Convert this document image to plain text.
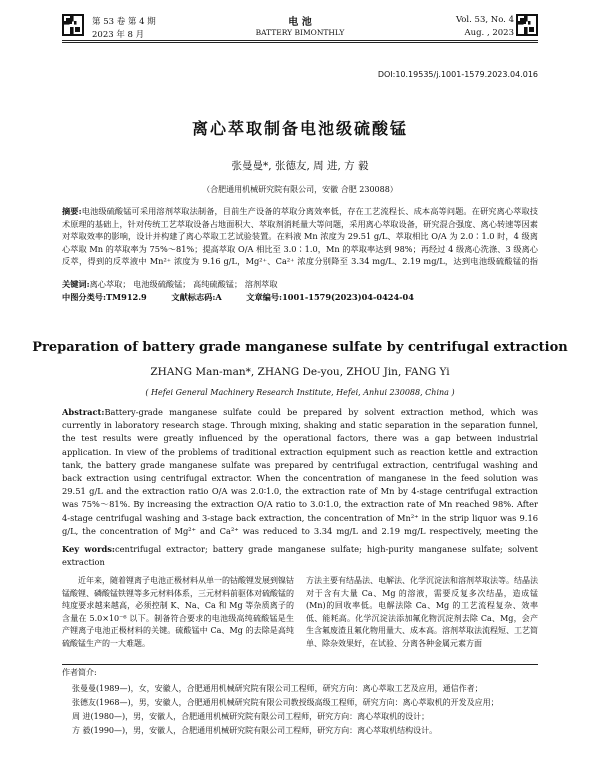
第 53 卷 第 4 期
2023 年 8 月
电 池
BATTERY BIMONTHLY
Vol. 53, No. 4
Aug. , 2023
DOI:10.19535/j.1001-1579.2023.04.016
离心萃取制备电池级硫酸锰
张曼曼*, 张德友, 周 进, 方 毅
（合肥通用机械研究院有限公司，安徽 合肥 230088）
摘要:电池级硫酸锰可采用溶剂萃取法制备，目前生产设备的萃取分离效率低，存在工艺流程长、成本高等问题。在研究离心萃取技术原理的基础上，针对传统工艺萃取设备占地面积大、萃取剂消耗量大等问题，采用离心萃取设备，研究混合强度、离心转速等因素对萃取效率的影响，设计并构建了离心萃取工艺试验装置。在料液 Mn 浓度为 29.51 g/L、萃取相比 O/A 为 2.0∶1.0 时，4 级离心萃取 Mn 的萃取率为 75%～81%；提高萃取 O/A 相比至 3.0∶1.0，Mn 的萃取率达到 98%；再经过 4 级离心洗涤、3 级离心反萃，得到的反萃液中 Mn²⁺ 浓度为 9.16 g/L，Mg²⁺、Ca²⁺ 浓度分别降至 3.34 mg/L、2.19 mg/L，达到电池级硫酸锰的指
关键词:离心萃取； 电池级硫酸锰； 高纯硫酸锰； 溶剂萃取
中图分类号:TM912.9	文献标志码:A	文章编号:1001-1579(2023)04-0424-04
Preparation of battery grade manganese sulfate by centrifugal extraction
ZHANG Man-man*, ZHANG De-you, ZHOU Jin, FANG Yi
( Hefei General Machinery Research Institute, Hefei, Anhui 230088, China )
Abstract:Battery-grade manganese sulfate could be prepared by solvent extraction method, which was currently in laboratory research stage. Through mixing, shaking and static separation in the separation funnel, the test results were greatly influenced by the operational factors, there was a gap between industrial application. In view of the problems of traditional extraction equipment such as reaction kettle and extraction tank, the battery grade manganese sulfate was prepared by centrifugal extraction, centrifugal washing and back extraction using centrifugal extractor. When the concentration of manganese in the feed solution was 29.51 g/L and the extraction ratio O/A was 2.0∶1.0, the extraction rate of Mn by 4-stage centrifugal extraction was 75%～81%. By increasing the extraction O/A ratio to 3.0∶1.0, the extraction rate of Mn reached 98%. After 4-stage centrifugal washing and 3-stage back extraction, the concentration of Mn²⁺ in the strip liquor was 9.16 g/L, the concentration of Mg²⁺ and Ca²⁺ was reduced to 3.34 mg/L and 2.19 mg/L respectively, meeting the
Key words:centrifugal extractor; battery grade manganese sulfate; high-purity manganese sulfate; solvent extraction
近年来，随着锂离子电池正极材料从单一的钴酸锂发展到镍钴锰酸锂、磷酸锰铁锂等多元材料体系，三元材料前驱体对硫酸锰的纯度要求越来越高，必须控制 K、Na、Ca 和 Mg 等杂质离子的含量在 5.0×10⁻⁶ 以下。制备符合要求的电池级高纯硫酸锰是生产锂离子电池正极材料的关键。硫酸锰中 Ca、Mg 的去除是高纯硫酸锰生产的一大难题。
方法主要有结晶法、电解法、化学沉淀法和溶剂萃取法等。结晶法对于含有大量 Ca、Mg 的溶液，需要反复多次结晶，造成锰(Mn)的回收率低。电解法除 Ca、Mg 的工艺流程复杂、效率低、能耗高。化学沉淀法添加氟化物沉淀剂去除 Ca、Mg，会产生含氟废渣且氟化物用量大、成本高。溶剂萃取法流程短、工艺简单、除杂效果好，在试验、分离各种金属元素方面
作者简介:
张曼曼(1989—)，女，安徽人，合肥通用机械研究院有限公司工程师，研究方向：离心萃取工艺及应用，通信作者；
张德友(1968—)，男，安徽人，合肥通用机械研究院有限公司教授级高级工程师，研究方向：离心萃取机的开发及应用；
周 进(1980—)，男，安徽人，合肥通用机械研究院有限公司工程师，研究方向：离心萃取机的设计；
方 毅(1990—)，男，安徽人，合肥通用机械研究院有限公司工程师，研究方向：离心萃取机结构设计。
